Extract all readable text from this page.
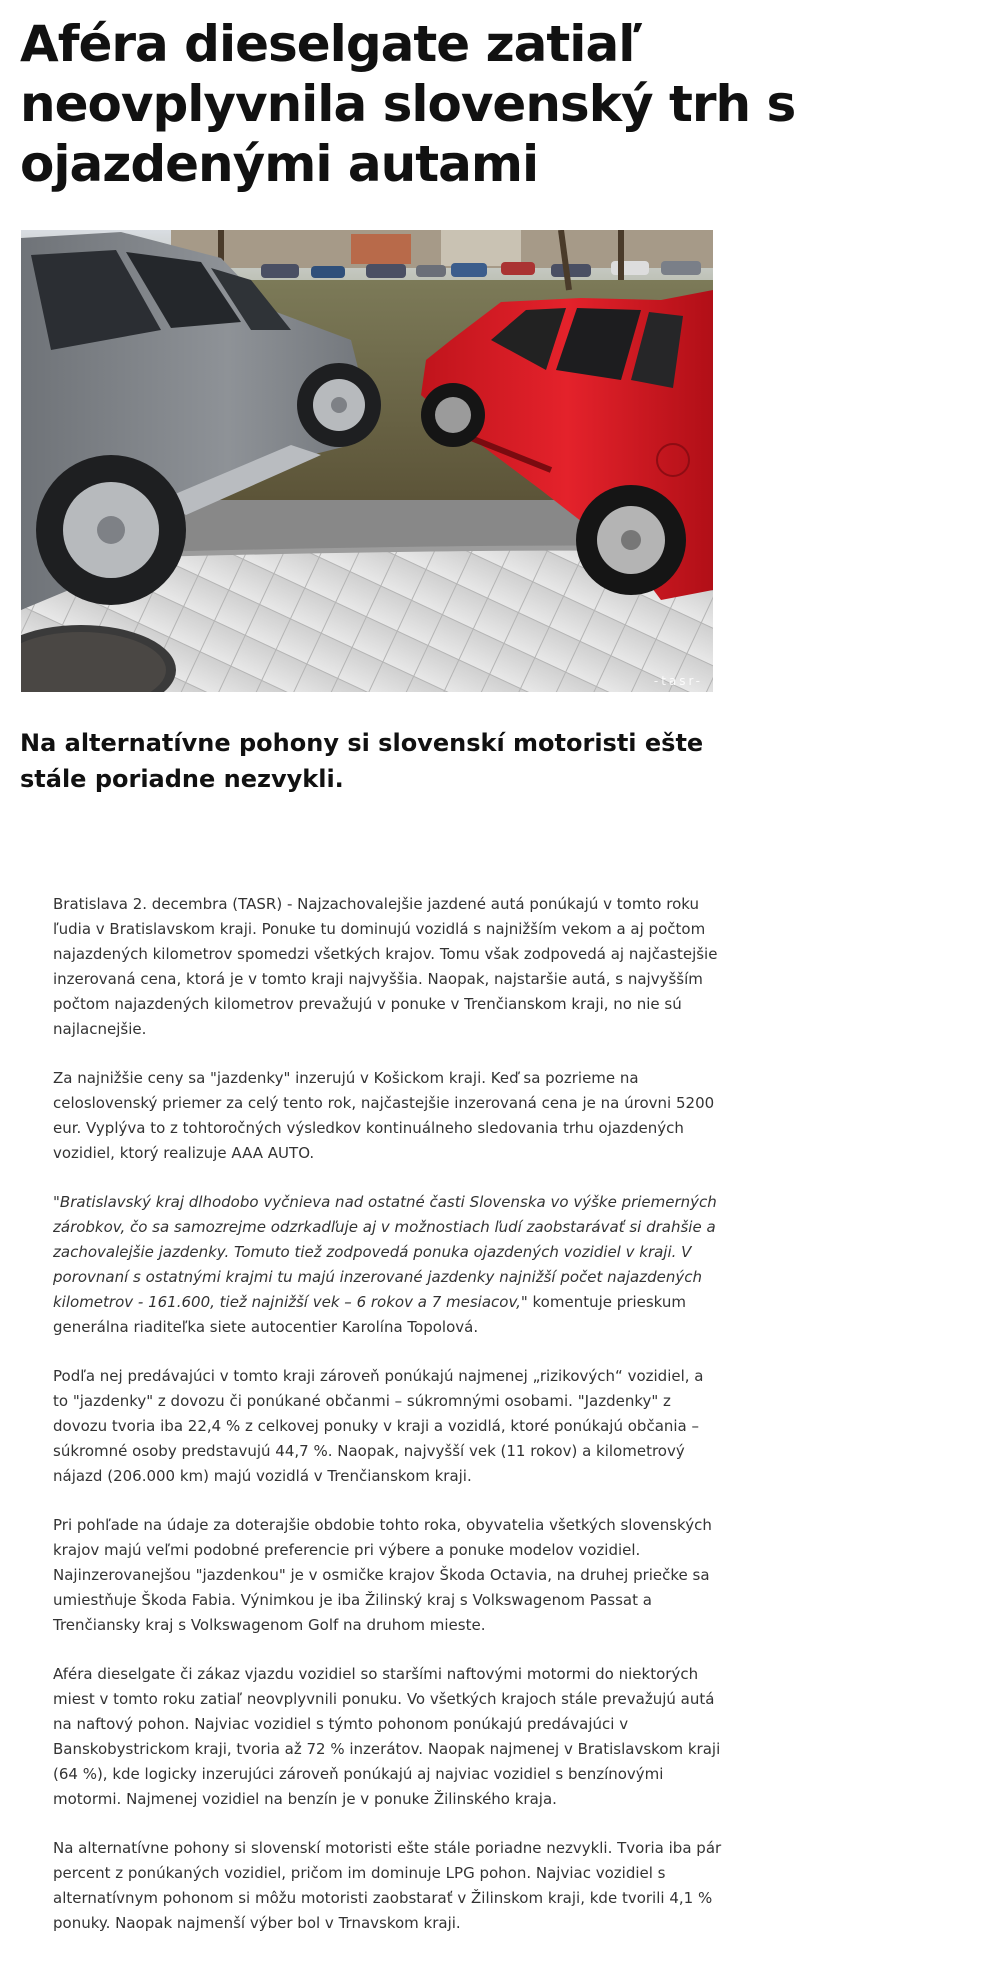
Aféra dieselgate zatiaľ neovplyvnila slovenský trh s ojazdenými autami
-tasr-
Na alternatívne pohony si slovenskí motoristi ešte stále poriadne nezvykli.

Bratislava 2. decembra (TASR) - Najzachovalejšie jazdené autá ponúkajú v tomto roku ľudia v Bratislavskom kraji. Ponuke tu dominujú vozidlá s najnižším vekom a aj počtom najazdených kilometrov spomedzi všetkých krajov. Tomu však zodpovedá aj najčastejšie inzerovaná cena, ktorá je v tomto kraji najvyššia. Naopak, najstaršie autá, s najvyšším počtom najazdených kilometrov prevažujú v ponuke v Trenčianskom kraji, no nie sú najlacnejšie.

Za najnižšie ceny sa "jazdenky" inzerujú v Košickom kraji. Keď sa pozrieme na celoslovenský priemer za celý tento rok, najčastejšie inzerovaná cena je na úrovni 5200 eur. Vyplýva to z tohtoročných výsledkov kontinuálneho sledovania trhu ojazdených vozidiel, ktorý realizuje AAA AUTO.

"Bratislavský kraj dlhodobo vyčnieva nad ostatné časti Slovenska vo výške priemerných zárobkov, čo sa samozrejme odzrkadľuje aj v možnostiach ľudí zaobstarávať si drahšie a zachovalejšie jazdenky. Tomuto tiež zodpovedá ponuka ojazdených vozidiel v kraji. V porovnaní s ostatnými krajmi tu majú inzerované jazdenky najnižší počet najazdených kilometrov - 161.600, tiež najnižší vek – 6 rokov a 7 mesiacov," komentuje prieskum generálna riaditeľka siete autocentier Karolína Topolová.

Podľa nej predávajúci v tomto kraji zároveň ponúkajú najmenej „rizikových“ vozidiel, a to "jazdenky" z dovozu či ponúkané občanmi – súkromnými osobami. "Jazdenky" z dovozu tvoria iba 22,4 % z celkovej ponuky v kraji a vozidlá, ktoré ponúkajú občania – súkromné osoby predstavujú 44,7 %. Naopak, najvyšší vek (11 rokov) a kilometrový nájazd (206.000 km) majú vozidlá v Trenčianskom kraji.

Pri pohľade na údaje za doterajšie obdobie tohto roka, obyvatelia všetkých slovenských krajov majú veľmi podobné preferencie pri výbere a ponuke modelov vozidiel. Najinzerovanejšou "jazdenkou" je v osmičke krajov Škoda Octavia, na druhej priečke sa umiestňuje Škoda Fabia. Výnimkou je iba Žilinský kraj s Volkswagenom Passat a Trenčiansky kraj s Volkswagenom Golf na druhom mieste.

Aféra dieselgate či zákaz vjazdu vozidiel so staršími naftovými motormi do niektorých miest v tomto roku zatiaľ neovplyvnili ponuku. Vo všetkých krajoch stále prevažujú autá na naftový pohon. Najviac vozidiel s týmto pohonom ponúkajú predávajúci v Banskobystrickom kraji, tvoria až 72 % inzerátov. Naopak najmenej v Bratislavskom kraji (64 %), kde logicky inzerujúci zároveň ponúkajú aj najviac vozidiel s benzínovými motormi. Najmenej vozidiel na benzín je v ponuke Žilinského kraja.

Na alternatívne pohony si slovenskí motoristi ešte stále poriadne nezvykli. Tvoria iba pár percent z ponúkaných vozidiel, pričom im dominuje LPG pohon. Najviac vozidiel s alternatívnym pohonom si môžu motoristi zaobstarať v Žilinskom kraji, kde tvorili 4,1 % ponuky. Naopak najmenší výber bol v Trnavskom kraji.
